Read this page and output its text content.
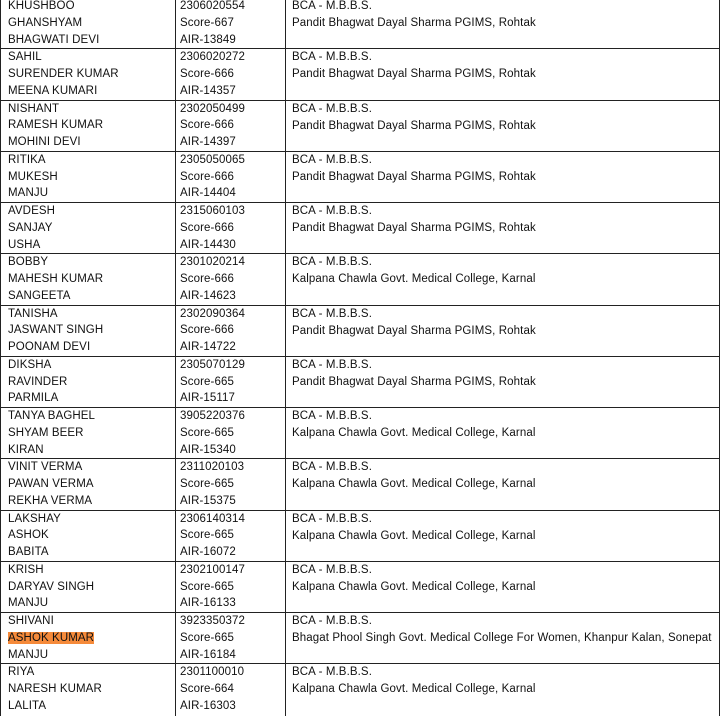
KHUSHBOO
GHANSHYAM
BHAGWATI DEVI
2306020554
Score-667
AIR-13849
BCA - M.B.B.S.
Pandit Bhagwat Dayal Sharma PGIMS, Rohtak
SAHIL
SURENDER KUMAR
MEENA KUMARI
2306020272
Score-666
AIR-14357
BCA - M.B.B.S.
Pandit Bhagwat Dayal Sharma PGIMS, Rohtak
NISHANT
RAMESH KUMAR
MOHINI DEVI
2302050499
Score-666
AIR-14397
BCA - M.B.B.S.
Pandit Bhagwat Dayal Sharma PGIMS, Rohtak
RITIKA
MUKESH
MANJU
2305050065
Score-666
AIR-14404
BCA - M.B.B.S.
Pandit Bhagwat Dayal Sharma PGIMS, Rohtak
AVDESH
SANJAY
USHA
2315060103
Score-666
AIR-14430
BCA - M.B.B.S.
Pandit Bhagwat Dayal Sharma PGIMS, Rohtak
BOBBY
MAHESH KUMAR
SANGEETA
2301020214
Score-666
AIR-14623
BCA - M.B.B.S.
Kalpana Chawla Govt. Medical College, Karnal
TANISHA
JASWANT SINGH
POONAM DEVI
2302090364
Score-666
AIR-14722
BCA - M.B.B.S.
Pandit Bhagwat Dayal Sharma PGIMS, Rohtak
DIKSHA
RAVINDER
PARMILA
2305070129
Score-665
AIR-15117
BCA - M.B.B.S.
Pandit Bhagwat Dayal Sharma PGIMS, Rohtak
TANYA BAGHEL
SHYAM BEER
KIRAN
3905220376
Score-665
AIR-15340
BCA - M.B.B.S.
Kalpana Chawla Govt. Medical College, Karnal
VINIT VERMA
PAWAN VERMA
REKHA VERMA
2311020103
Score-665
AIR-15375
BCA - M.B.B.S.
Kalpana Chawla Govt. Medical College, Karnal
LAKSHAY
ASHOK
BABITA
2306140314
Score-665
AIR-16072
BCA - M.B.B.S.
Kalpana Chawla Govt. Medical College, Karnal
KRISH
DARYAV SINGH
MANJU
2302100147
Score-665
AIR-16133
BCA - M.B.B.S.
Kalpana Chawla Govt. Medical College, Karnal
SHIVANI
ASHOK KUMAR
MANJU
3923350372
Score-665
AIR-16184
BCA - M.B.B.S.
Bhagat Phool Singh Govt. Medical College For Women, Khanpur Kalan, Sonepat
RIYA
NARESH KUMAR
LALITA
2301100010
Score-664
AIR-16303
BCA - M.B.B.S.
Kalpana Chawla Govt. Medical College, Karnal
